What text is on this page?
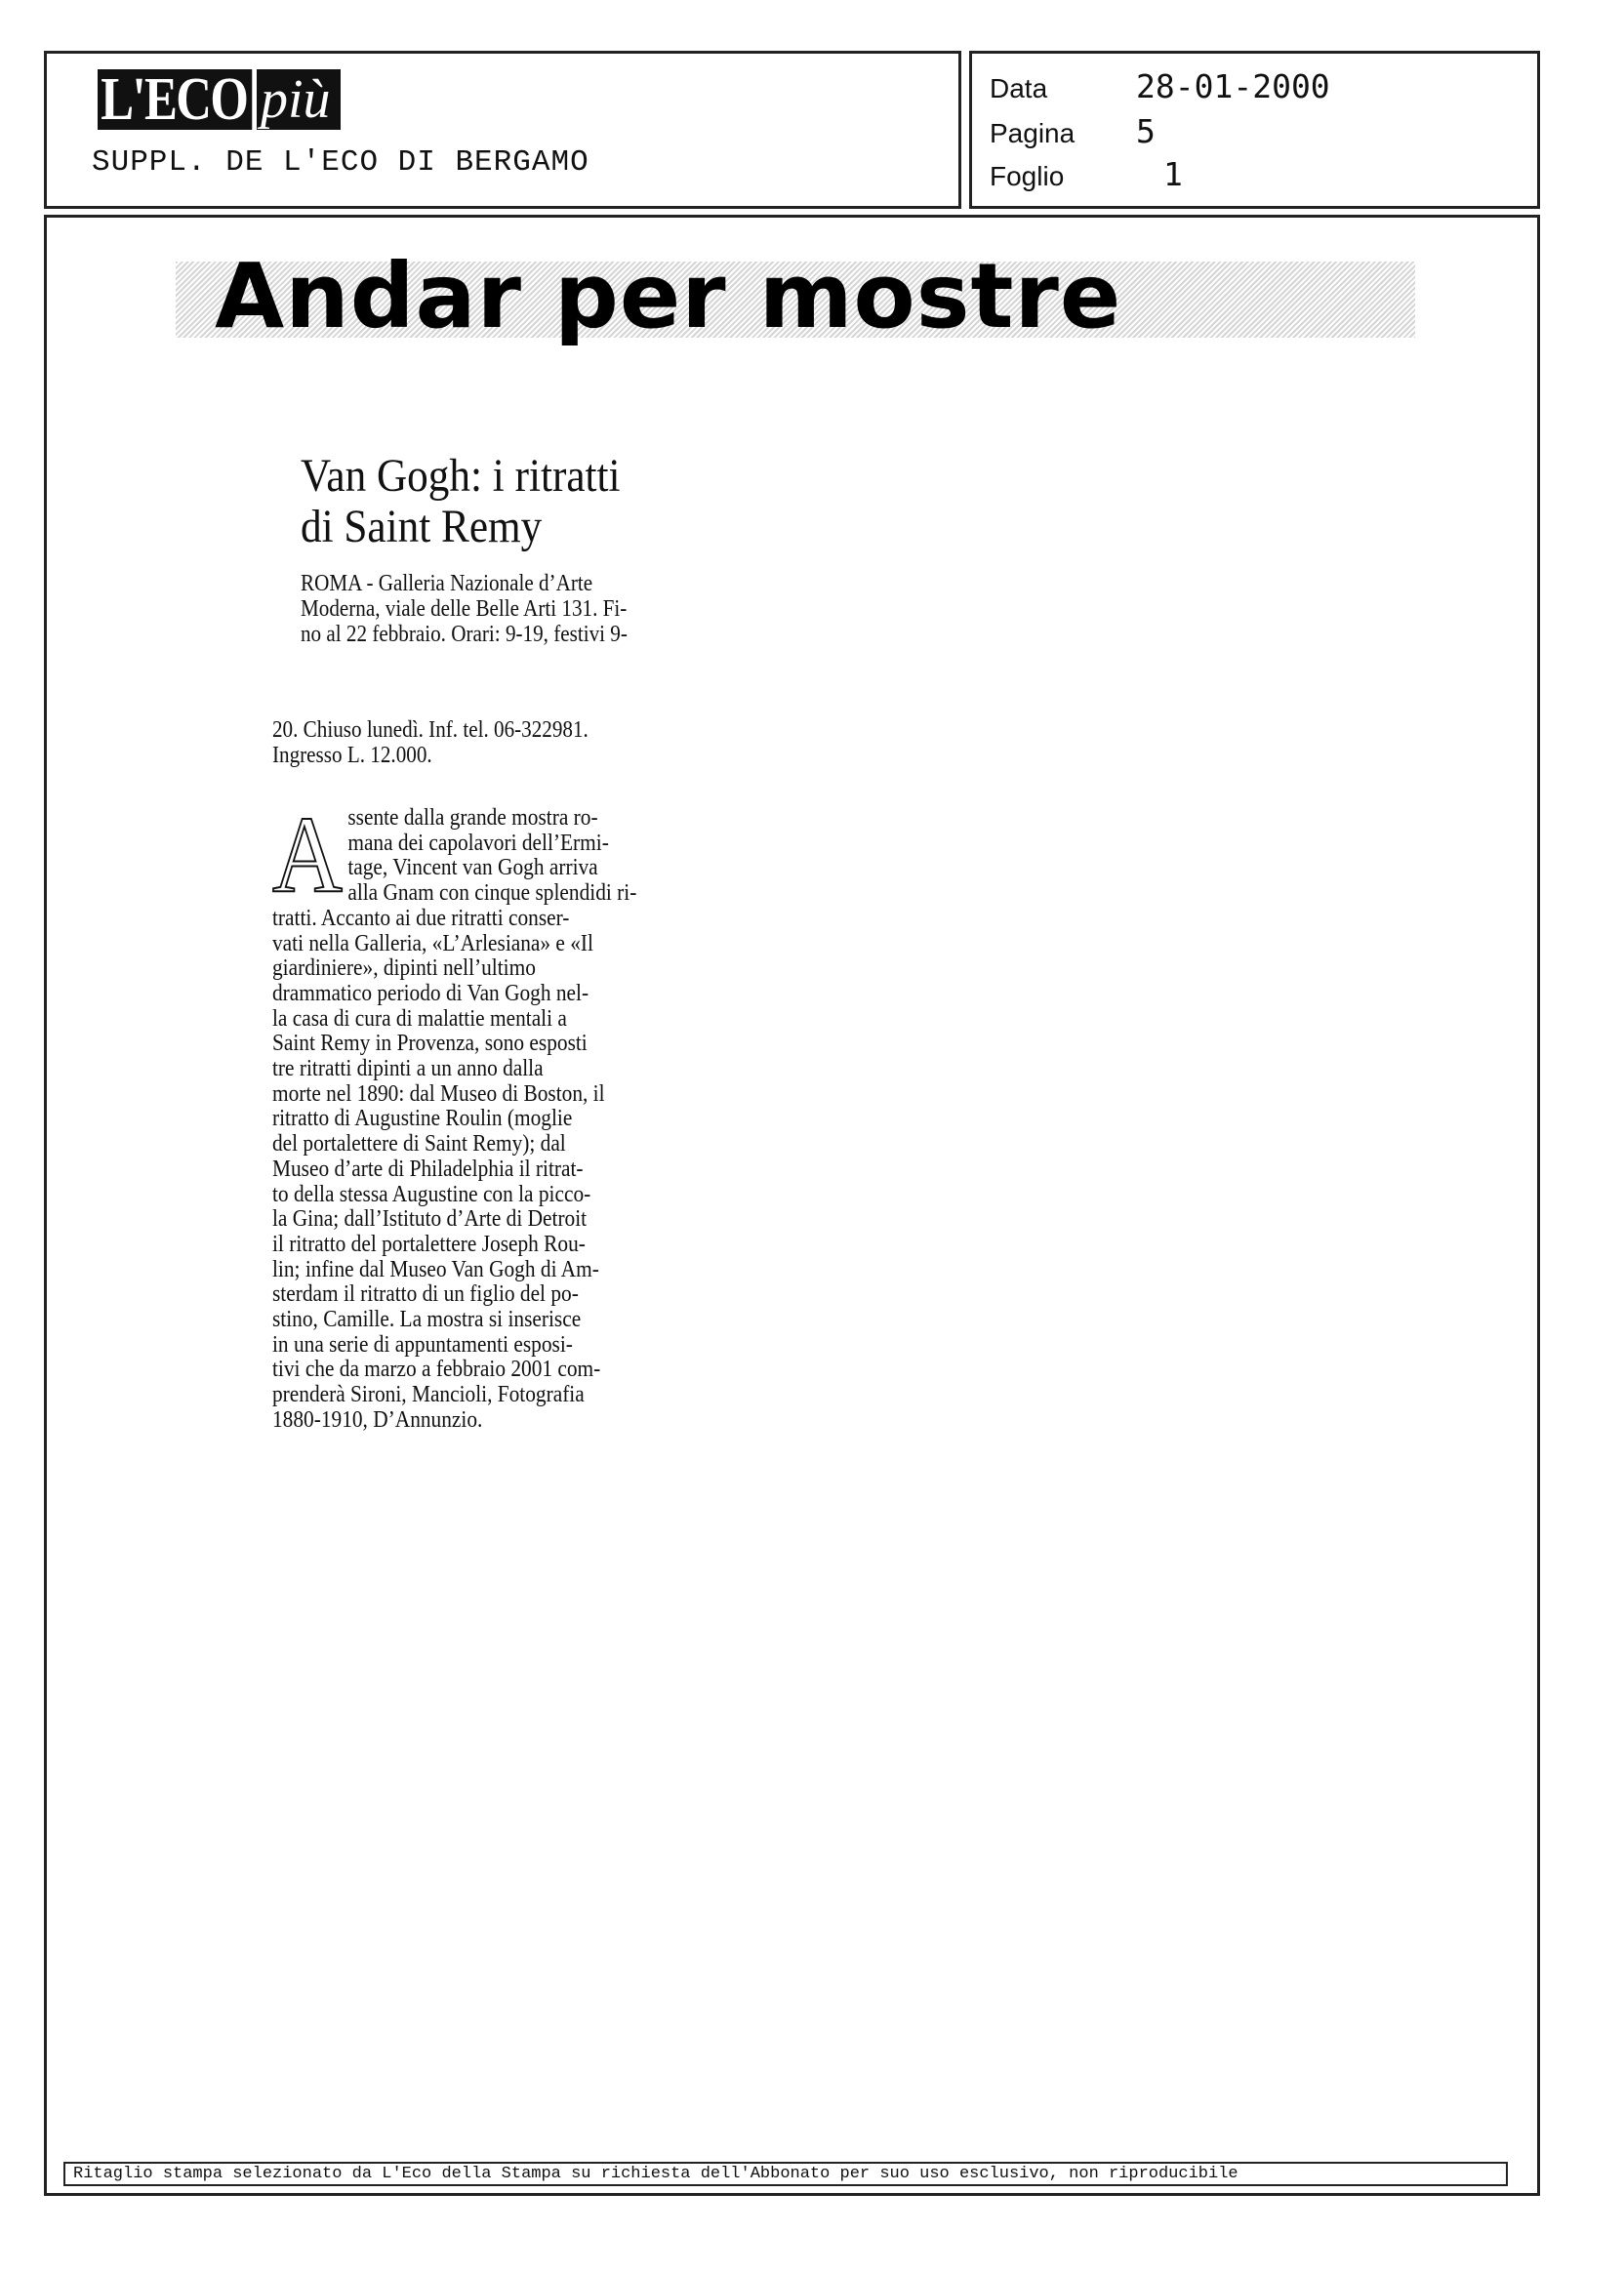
L'ECO più
SUPPL. DE L'ECO DI BERGAMO
Data	28-01-2000
Pagina	5
Foglio	1
Andar per mostre
Van Gogh: i ritratti
di Saint Remy
ROMA - Galleria Nazionale d’Arte
Moderna, viale delle Belle Arti 131. Fi-
no al 22 febbraio. Orari: 9-19, festivi 9-
20. Chiuso lunedì. Inf. tel. 06-322981.
Ingresso L. 12.000.
A ssente dalla grande mostra ro-
mana dei capolavori dell’Ermi-
tage, Vincent van Gogh arriva
alla Gnam con cinque splendidi ri-
tratti. Accanto ai due ritratti conser-
vati nella Galleria, «L’Arlesiana» e «Il
giardiniere», dipinti nell’ultimo
drammatico periodo di Van Gogh nel-
la casa di cura di malattie mentali a
Saint Remy in Provenza, sono esposti
tre ritratti dipinti a un anno dalla
morte nel 1890: dal Museo di Boston, il
ritratto di Augustine Roulin (moglie
del portalettere di Saint Remy); dal
Museo d’arte di Philadelphia il ritrat-
to della stessa Augustine con la picco-
la Gina; dall’Istituto d’Arte di Detroit
il ritratto del portalettere Joseph Rou-
lin; infine dal Museo Van Gogh di Am-
sterdam il ritratto di un figlio del po-
stino, Camille. La mostra si inserisce
in una serie di appuntamenti esposi-
tivi che da marzo a febbraio 2001 com-
prenderà Sironi, Mancioli, Fotografia
1880-1910, D’Annunzio.
Ritaglio stampa selezionato da L'Eco della Stampa su richiesta dell'Abbonato per suo uso esclusivo, non riproducibile
